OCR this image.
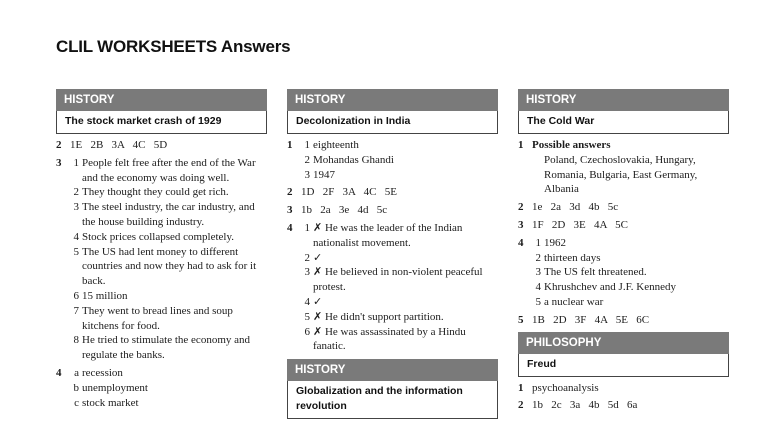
CLIL WORKSHEETS Answers
HISTORY
The stock market crash of 1929
2 1E   2B   3A   4C   5D
3	1 People felt free after the end of the War and the economy was doing well.
2 They thought they could get rich.
3 The steel industry, the car industry, and the house building industry.
4 Stock prices collapsed completely.
5 The US had lent money to different countries and now they had to ask for it back.
6 15 million
7 They went to bread lines and soup kitchens for food.
8 He tried to stimulate the economy and regulate the banks.
4	a recession
b unemployment
c stock market
HISTORY
Decolonization in India
1	1 eighteenth
2 Mohandas Ghandi
3 1947
2 1D   2F   3A   4C   5E
3 1b   2a   3e   4d   5c
4	1 ✗ He was the leader of the Indian nationalist movement.
2 ✓
3 ✗ He believed in non-violent peaceful protest.
4 ✓
5 ✗ He didn't support partition.
6 ✗ He was assassinated by a Hindu fanatic.
HISTORY
Globalization and the information revolution
HISTORY
The Cold War
1 Possible answers
Poland, Czechoslovakia, Hungary, Romania, Bulgaria, East Germany, Albania
2 1e   2a   3d   4b   5c
3 1F   2D   3E   4A   5C
4	1 1962
2 thirteen days
3 The US felt threatened.
4 Khrushchev and J.F. Kennedy
5 a nuclear war
5 1B   2D   3F   4A   5E   6C
PHILOSOPHY
Freud
1 psychoanalysis
2 1b   2c   3a   4b   5d   6a
